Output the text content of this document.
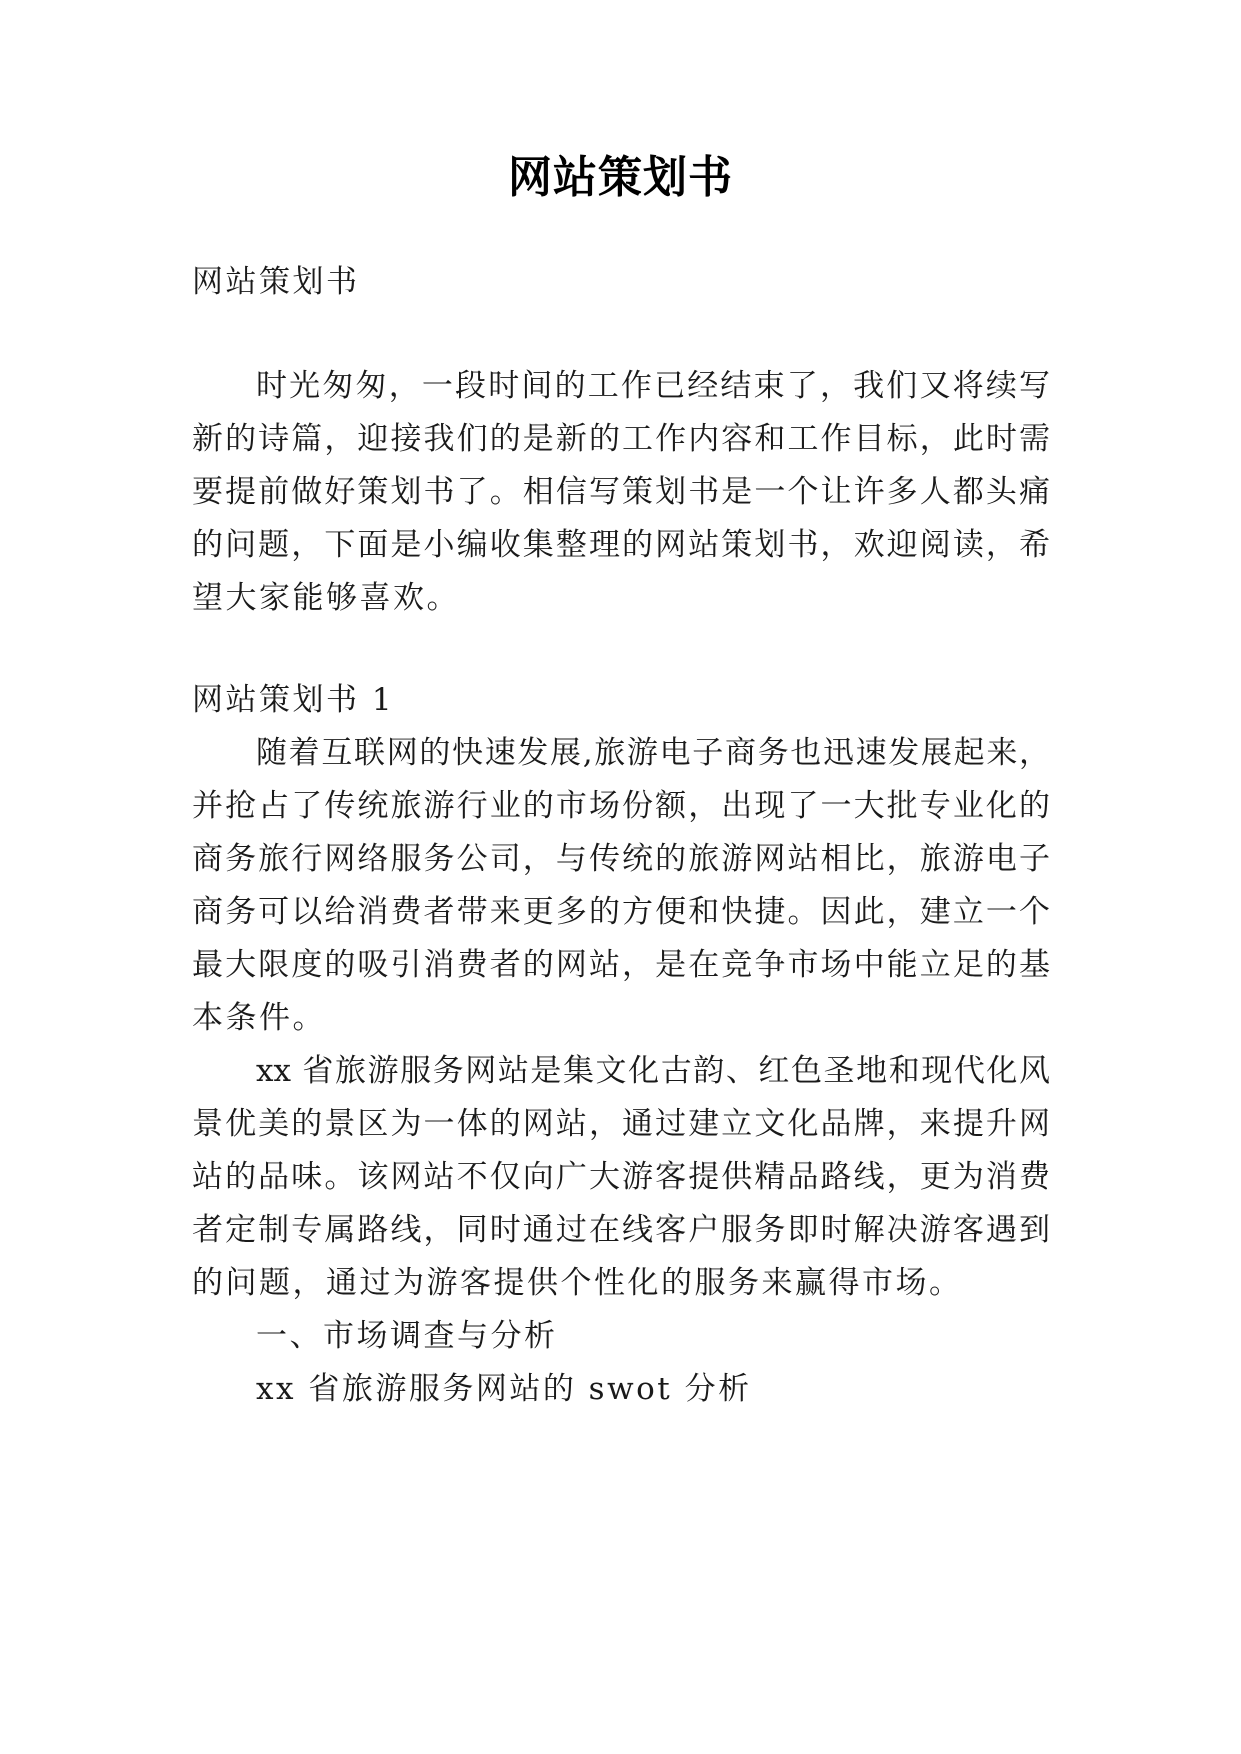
网站策划书
网站策划书
时光匆匆，一段时间的工作已经结束了，我们又将续写
新的诗篇，迎接我们的是新的工作内容和工作目标，此时需
要提前做好策划书了。相信写策划书是一个让许多人都头痛
的问题，下面是小编收集整理的网站策划书，欢迎阅读，希
望大家能够喜欢。
网站策划书 1
随着互联网的快速发展,旅游电子商务也迅速发展起来，
并抢占了传统旅游行业的市场份额，出现了一大批专业化的
商务旅行网络服务公司，与传统的旅游网站相比，旅游电子
商务可以给消费者带来更多的方便和快捷。因此，建立一个
最大限度的吸引消费者的网站，是在竞争市场中能立足的基
本条件。
xx 省旅游服务网站是集文化古韵、红色圣地和现代化风
景优美的景区为一体的网站，通过建立文化品牌，来提升网
站的品味。该网站不仅向广大游客提供精品路线，更为消费
者定制专属路线，同时通过在线客户服务即时解决游客遇到
的问题，通过为游客提供个性化的服务来赢得市场。
一、市场调查与分析
xx 省旅游服务网站的 swot 分析
